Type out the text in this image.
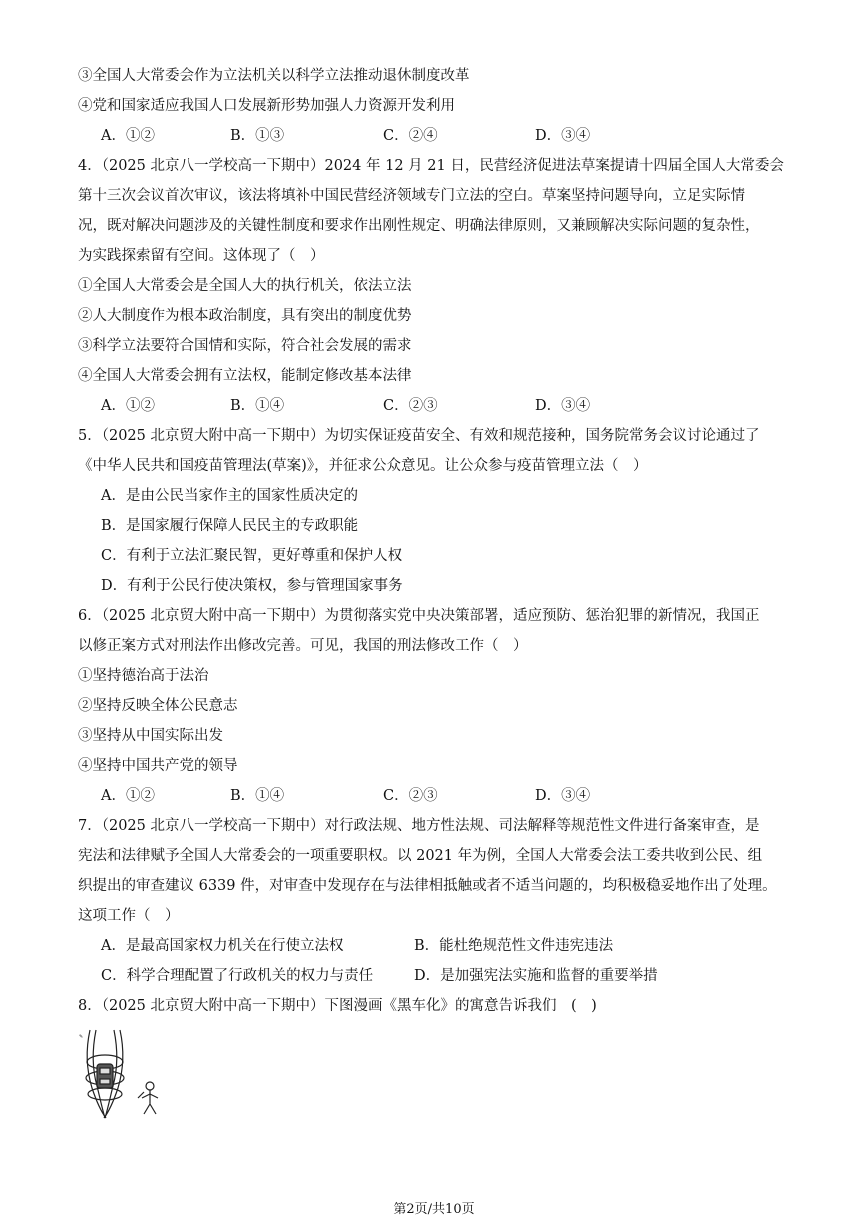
③全国人大常委会作为立法机关以科学立法推动退休制度改革
④党和国家适应我国人口发展新形势加强人力资源开发利用
A．①②	B．①③	C．②④	D．③④
4．（2025 北京八一学校高一下期中）2024 年 12 月 21 日，民营经济促进法草案提请十四届全国人大常委会
第十三次会议首次审议，该法将填补中国民营经济领域专门立法的空白。草案坚持问题导向，立足实际情
况，既对解决问题涉及的关键性制度和要求作出刚性规定、明确法律原则，又兼顾解决实际问题的复杂性，
为实践探索留有空间。这体现了（　）
①全国人大常委会是全国人大的执行机关，依法立法
②人大制度作为根本政治制度，具有突出的制度优势
③科学立法要符合国情和实际，符合社会发展的需求
④全国人大常委会拥有立法权，能制定修改基本法律
A．①②	B．①④	C．②③	D．③④
5．（2025 北京贸大附中高一下期中）为切实保证疫苗安全、有效和规范接种，国务院常务会议讨论通过了
《中华人民共和国疫苗管理法(草案)》，并征求公众意见。让公众参与疫苗管理立法（　）
A．是由公民当家作主的国家性质决定的
B．是国家履行保障人民民主的专政职能
C．有利于立法汇聚民智，更好尊重和保护人权
D．有利于公民行使决策权，参与管理国家事务
6．（2025 北京贸大附中高一下期中）为贯彻落实党中央决策部署，适应预防、惩治犯罪的新情况，我国正
以修正案方式对刑法作出修改完善。可见，我国的刑法修改工作（　）
①坚持德治高于法治
②坚持反映全体公民意志
③坚持从中国实际出发
④坚持中国共产党的领导
A．①②	B．①④	C．②③	D．③④
7．（2025 北京八一学校高一下期中）对行政法规、地方性法规、司法解释等规范性文件进行备案审查，是
宪法和法律赋予全国人大常委会的一项重要职权。以 2021 年为例，全国人大常委会法工委共收到公民、组
织提出的审查建议 6339 件，对审查中发现存在与法律相抵触或者不适当问题的，均积极稳妥地作出了处理。
这项工作（　）
A．是最高国家权力机关在行使立法权	B．能杜绝规范性文件违宪违法
C．科学合理配置了行政机关的权力与责任	D．是加强宪法实施和监督的重要举措
8．（2025 北京贸大附中高一下期中）下图漫画《黑车化》的寓意告诉我们　(　)
✎
第2页/共10页
